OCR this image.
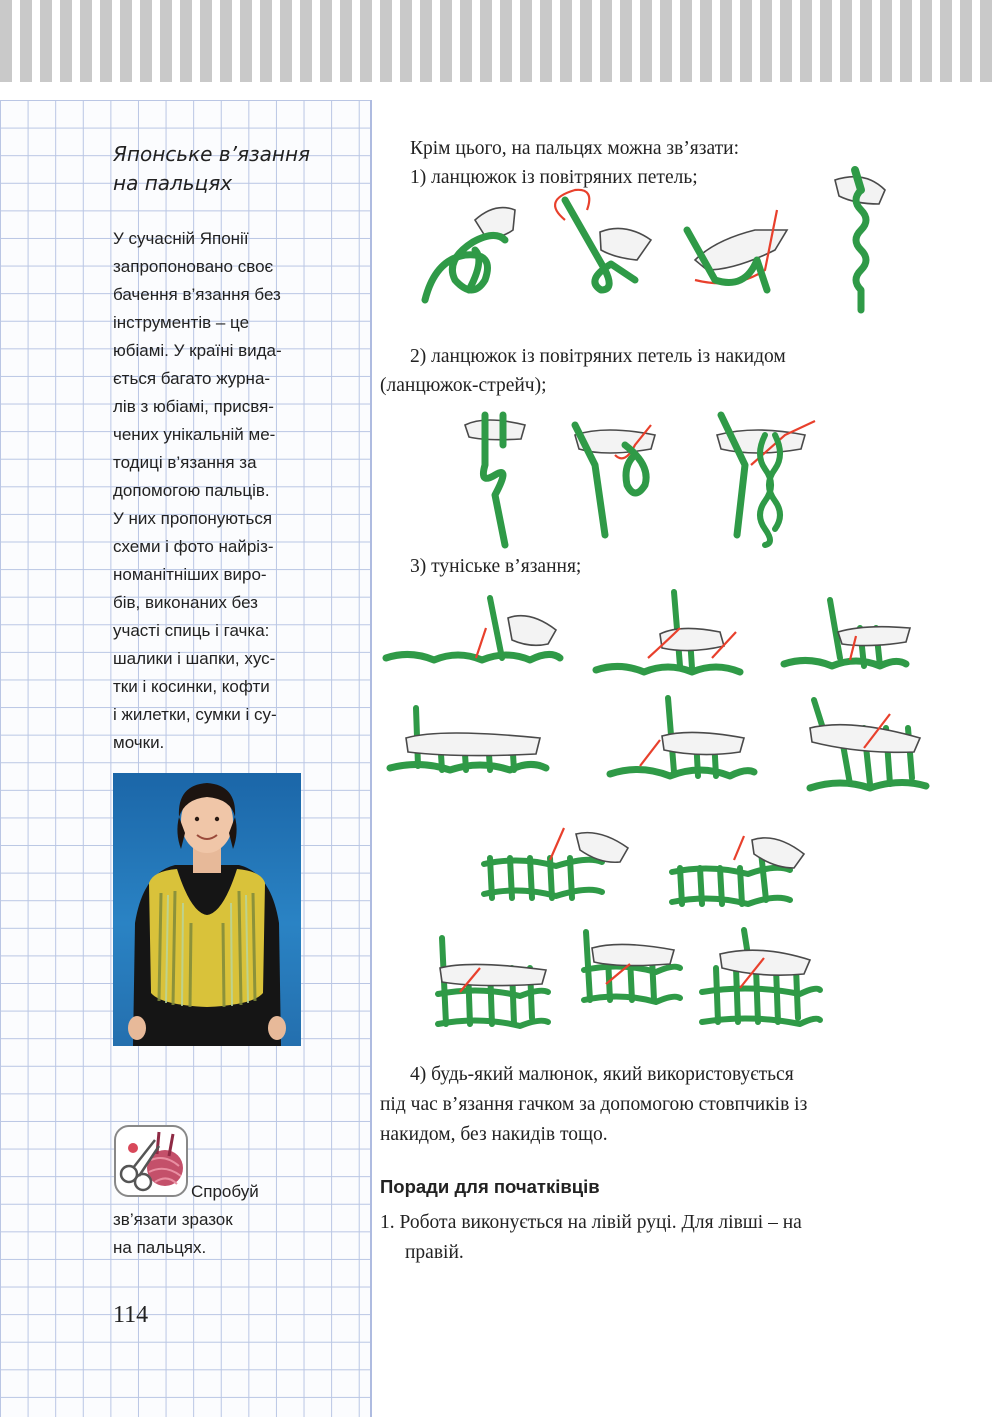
Японське в’язання
на пальцях
У сучасній Японії
запропоновано своє
бачення в’язання без
інструментів – це
юбіамі. У країні вида-
ється багато журна-
лів з юбіамі, присвя-
чених унікальній ме-
тодиці в’язання за
допомогою пальців.
У них пропонуються
схеми і фото найріз-
номанітніших виро-
бів, виконаних без
участі спиць і гачка:
шалики і шапки, хус-
тки і косинки, кофти
і жилетки, сумки і су-
мочки.
Спробуй
зв’язати зразок
на пальцях.
114
Крім цього, на пальцях можна зв’язати:
1) ланцюжок із повітряних петель;
2) ланцюжок із повітряних петель із накидом
(ланцюжок-стрейч);
3) туніське в’язання;
4) будь-який малюнок, який використовується
під час в’язання гачком за допомогою стовпчиків із
накидом, без накидів тощо.
Поради для початківців
1. Робота виконується на лівій руці. Для лівші – на
правій.
